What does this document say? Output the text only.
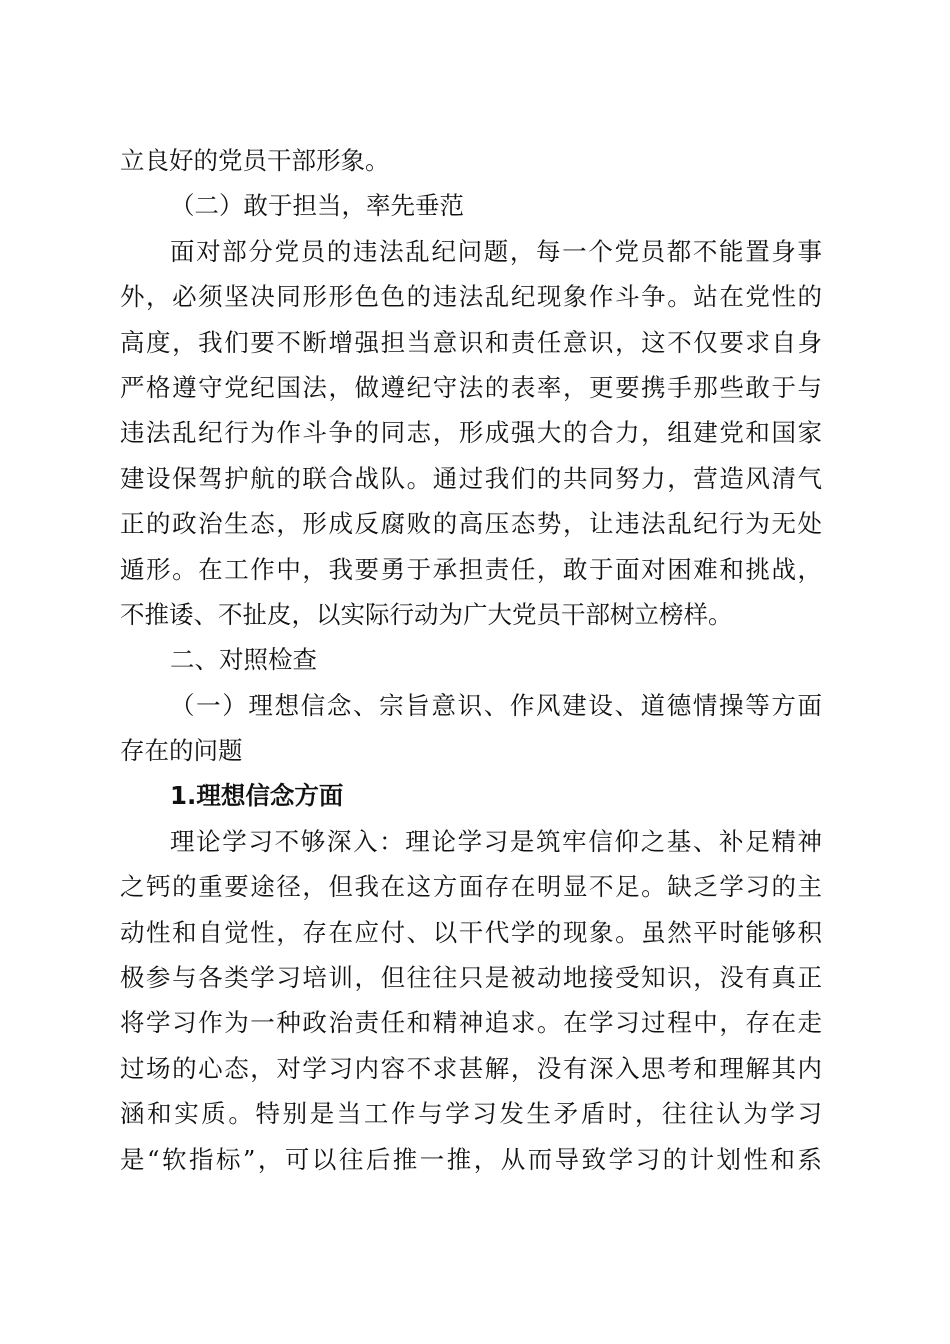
立良好的党员干部形象。
（二）敢于担当，率先垂范
面对部分党员的违法乱纪问题，每一个党员都不能置身事
外，必须坚决同形形色色的违法乱纪现象作斗争。站在党性的
高度，我们要不断增强担当意识和责任意识，这不仅要求自身
严格遵守党纪国法，做遵纪守法的表率，更要携手那些敢于与
违法乱纪行为作斗争的同志，形成强大的合力，组建党和国家
建设保驾护航的联合战队。通过我们的共同努力，营造风清气
正的政治生态，形成反腐败的高压态势，让违法乱纪行为无处
遁形。在工作中，我要勇于承担责任，敢于面对困难和挑战，
不推诿、不扯皮，以实际行动为广大党员干部树立榜样。
二、对照检查
（一）理想信念、宗旨意识、作风建设、道德情操等方面
存在的问题
1.理想信念方面
理论学习不够深入：理论学习是筑牢信仰之基、补足精神
之钙的重要途径，但我在这方面存在明显不足。缺乏学习的主
动性和自觉性，存在应付、以干代学的现象。虽然平时能够积
极参与各类学习培训，但往往只是被动地接受知识，没有真正
将学习作为一种政治责任和精神追求。在学习过程中，存在走
过场的心态，对学习内容不求甚解，没有深入思考和理解其内
涵和实质。特别是当工作与学习发生矛盾时，往往认为学习
是“软指标”，可以往后推一推，从而导致学习的计划性和系
